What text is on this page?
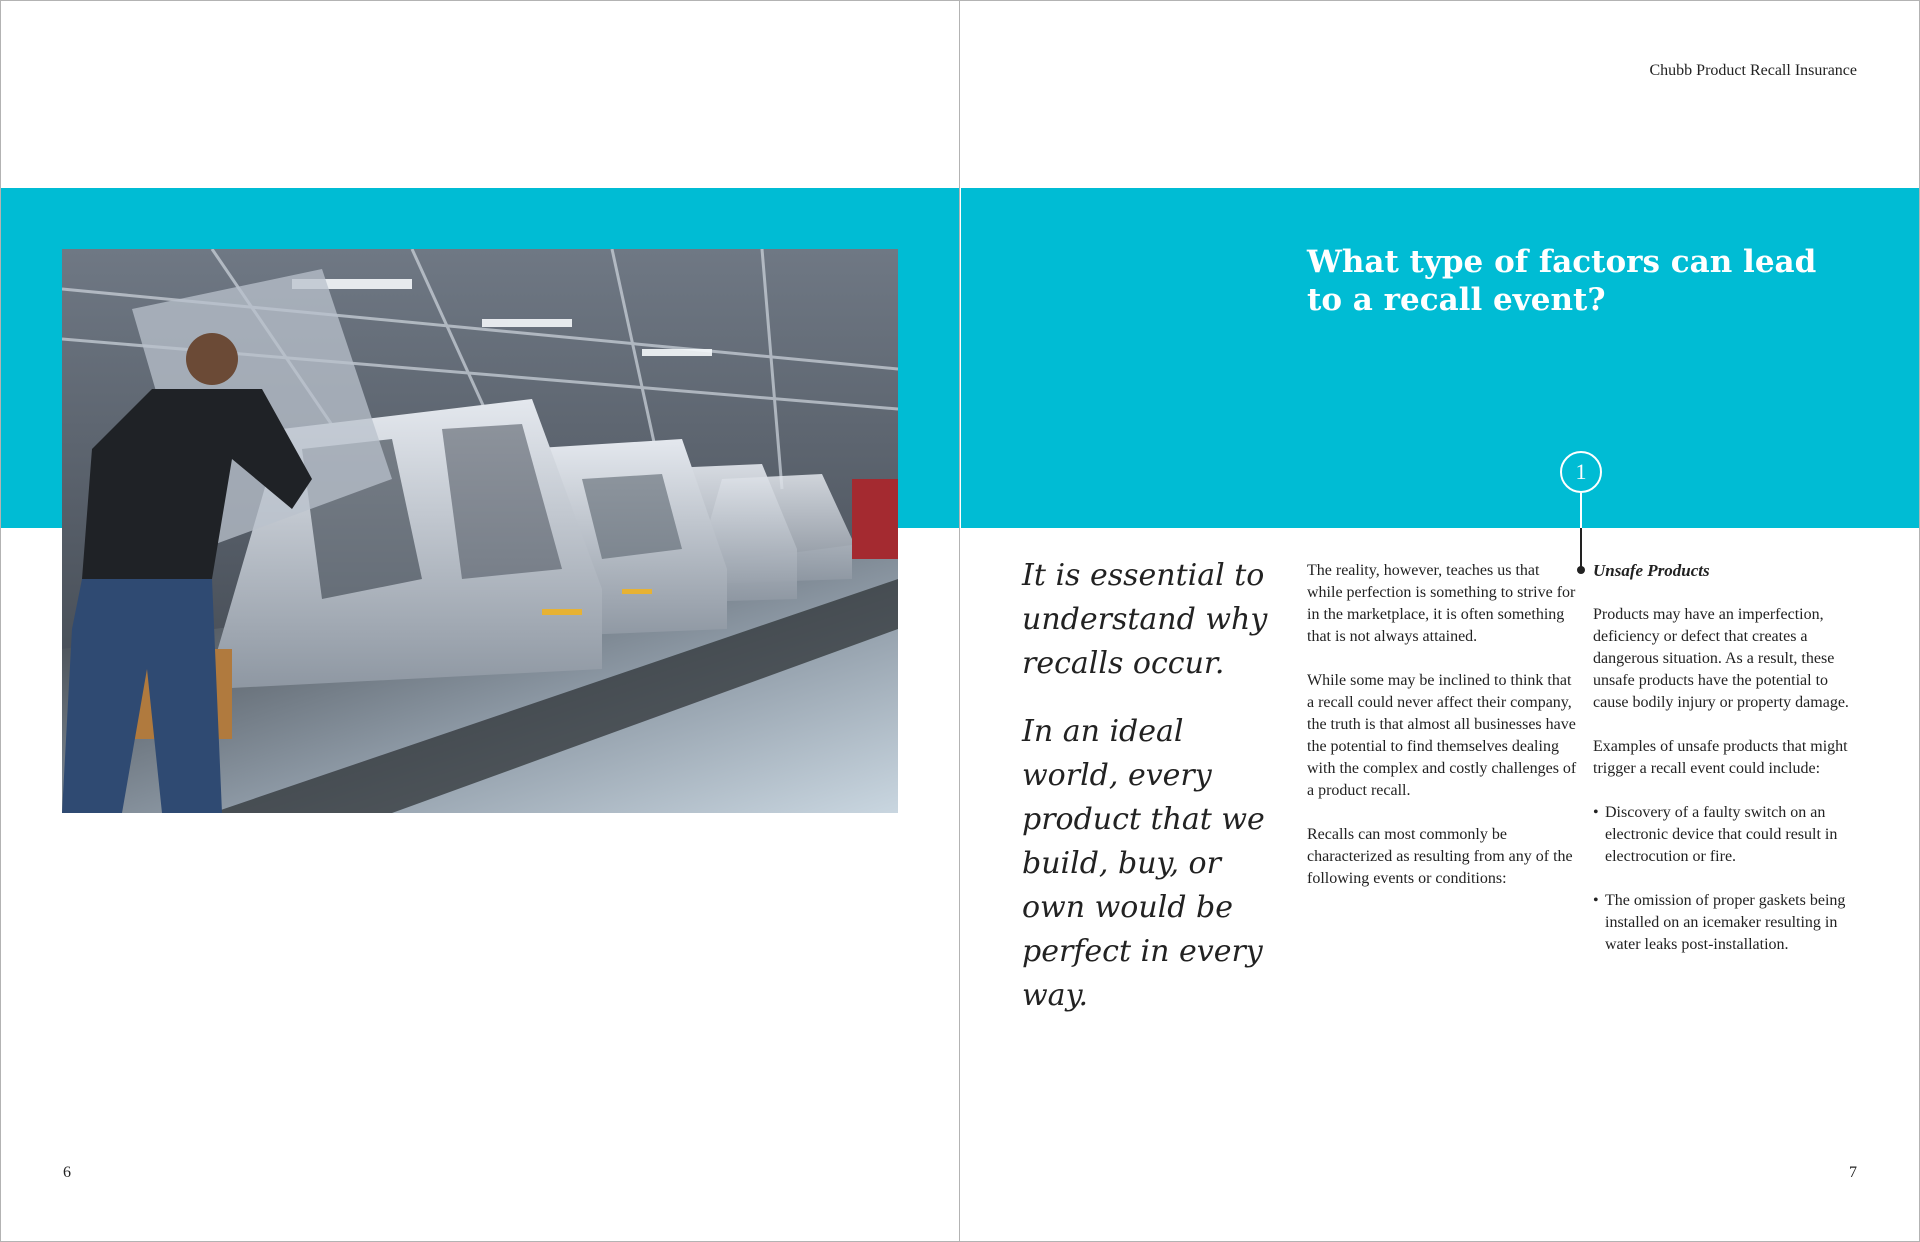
Chubb Product Recall Insurance
What type of factors can lead to a recall event?
1

It is essential to understand why recalls occur.

In an ideal world, every product that we build, buy, or own would be perfect in every way.

The reality, however, teaches us that while perfection is something to strive for in the marketplace, it is often something that is not always attained.

While some may be inclined to think that a recall could never affect their company, the truth is that almost all businesses have the potential to find themselves dealing with the complex and costly challenges of a product recall.

Recalls can most commonly be characterized as resulting from any of the following events or conditions:

Unsafe Products

Products may have an imperfection, deficiency or defect that creates a dangerous situation. As a result, these unsafe products have the potential to cause bodily injury or property damage.

Examples of unsafe products that might trigger a recall event could include:

• Discovery of a faulty switch on an electronic device that could result in electrocution or fire.
• The omission of proper gaskets being installed on an icemaker resulting in water leaks post-installation.
6	7
